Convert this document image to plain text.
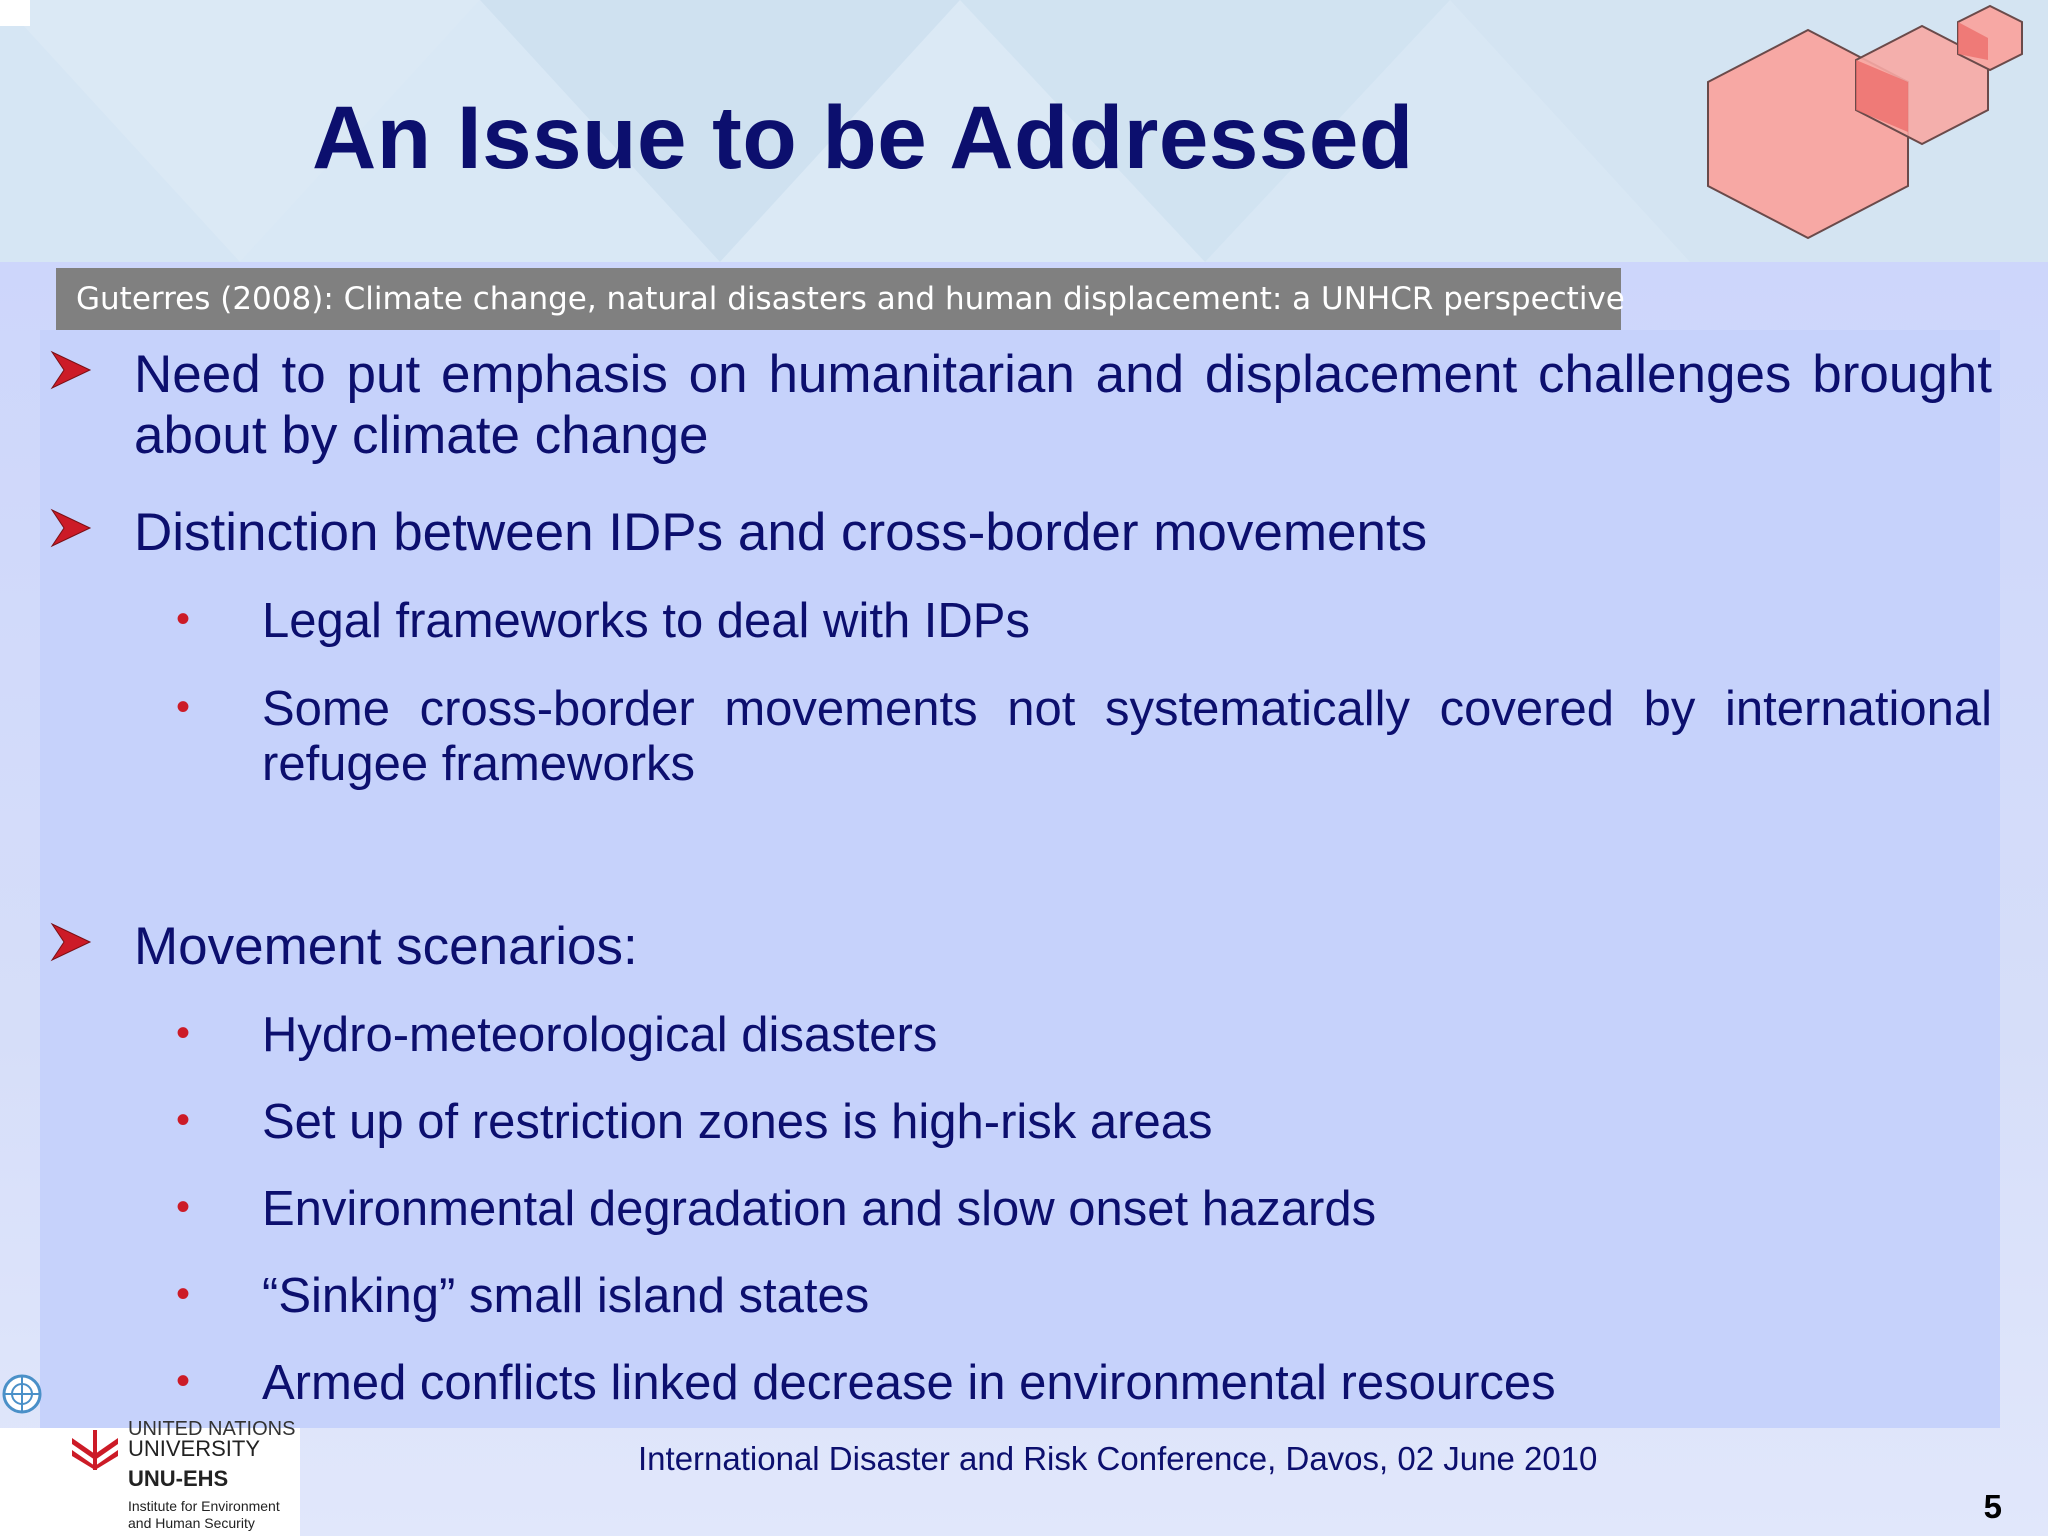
An Issue to be Addressed
Guterres (2008): Climate change, natural disasters and human displacement: a UNHCR perspective
Need to put emphasis on humanitarian and displacement challenges brought about by climate change
Distinction between IDPs and cross-border movements
• Legal frameworks to deal with IDPs
• Some cross-border movements not systematically covered by international refugee frameworks
Movement scenarios:
• Hydro-meteorological disasters
• Set up of restriction zones is high-risk areas
• Environmental degradation and slow onset hazards
• “Sinking” small island states
• Armed conflicts linked decrease in environmental resources
UNITED NATIONS
UNIVERSITY
UNU-EHS
Institute for Environment
and Human Security
International Disaster and Risk Conference, Davos, 02 June 2010
5
